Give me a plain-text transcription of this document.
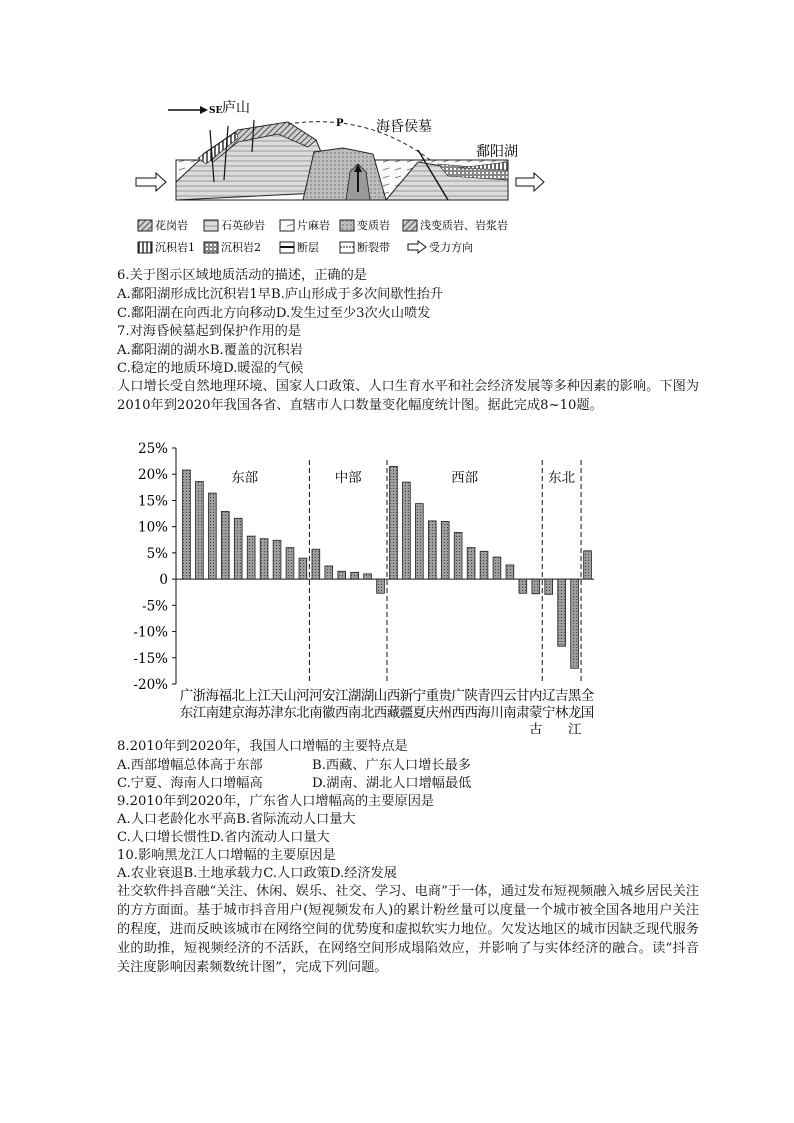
SE 庐山
P 海昏侯墓
鄱阳湖
花岗岩	石英砂岩	片麻岩 变质岩	浅变质岩、岩浆岩
沉积岩1 沉积岩2	断层	断裂带	受力方向
6.关于图示区域地质活动的描述，正确的是
A.鄱阳湖形成比沉积岩1早B.庐山形成于多次间歇性抬升
C.鄱阳湖在向西北方向移动D.发生过至少3次火山喷发
7.对海昏候墓起到保护作用的是
A.鄱阳湖的湖水B.覆盖的沉积岩
C.稳定的地质环境D.暖湿的气候
人口增长受自然地理环境、国家人口政策、人口生育水平和社会经济发展等多种因素的影响。下图为2010年到2020年我国各省、直辖市人口数量变化幅度统计图。据此完成8~10题。
25%
20%
15%
10%
5%
0
-5%
-10%
-15%
-20%
广
东
浙
江
海
南
福
建
北
京
上
海
江
苏
天
津
山
东
河
北
河
南
安
徽
江
西
湖
南
湖
北
山
西
西
藏
新
疆
宁
夏
重
庆
贵
州
广
西
陕
西
青
海
四
川
云
南
甘
肃
内
蒙
古
辽
宁
吉
林
黑
龙
江
全
国
东部	中部	西部	东北
8.2010年到2020年，我国人口增幅的主要特点是
A.西部增幅总体高于东部	B.西藏、广东人口增长最多
C.宁夏、海南人口增幅高	D.湖南、湖北人口增幅最低
9.2010年到2020年，广东省人口增幅高的主要原因是
A.人口老龄化水平高B.省际流动人口量大
C.人口增长惯性D.省内流动人口量大
10.影响黑龙江人口增幅的主要原因是
A.农业衰退B.土地承载力C.人口政策D.经济发展
社交软件抖音融“关注、休闲、娱乐、社交、学习、电商”于一体，通过发布短视频融入城乡居民关注的方方面面。基于城市抖音用户(短视频发布人)的累计粉丝量可以度量一个城市被全国各地用户关注的程度，进而反映该城市在网络空间的优势度和虚拟软实力地位。欠发达地区的城市因缺乏现代服务业的助推，短视频经济的不活跃，在网络空间形成塌陷效应，并影响了与实体经济的融合。读“抖音关注度影响因素频数统计图”，完成下列问题。
